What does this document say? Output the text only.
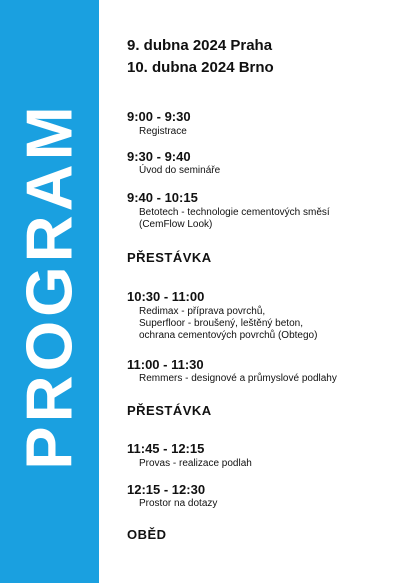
PROGRAM
9. dubna 2024 Praha
10. dubna 2024 Brno
9:00 - 9:30
Registrace
9:30 - 9:40
Úvod do semináře
9:40 - 10:15
Betotech - technologie cementových směsí
(CemFlow Look)
PŘESTÁVKA
10:30 - 11:00
Redimax - příprava povrchů,
Superfloor - broušený, leštěný beton,
ochrana cementových povrchů (Obtego)
11:00 - 11:30
Remmers - designové a průmyslové podlahy
PŘESTÁVKA
11:45 - 12:15
Provas - realizace podlah
12:15 - 12:30
Prostor na dotazy
OBĚD
